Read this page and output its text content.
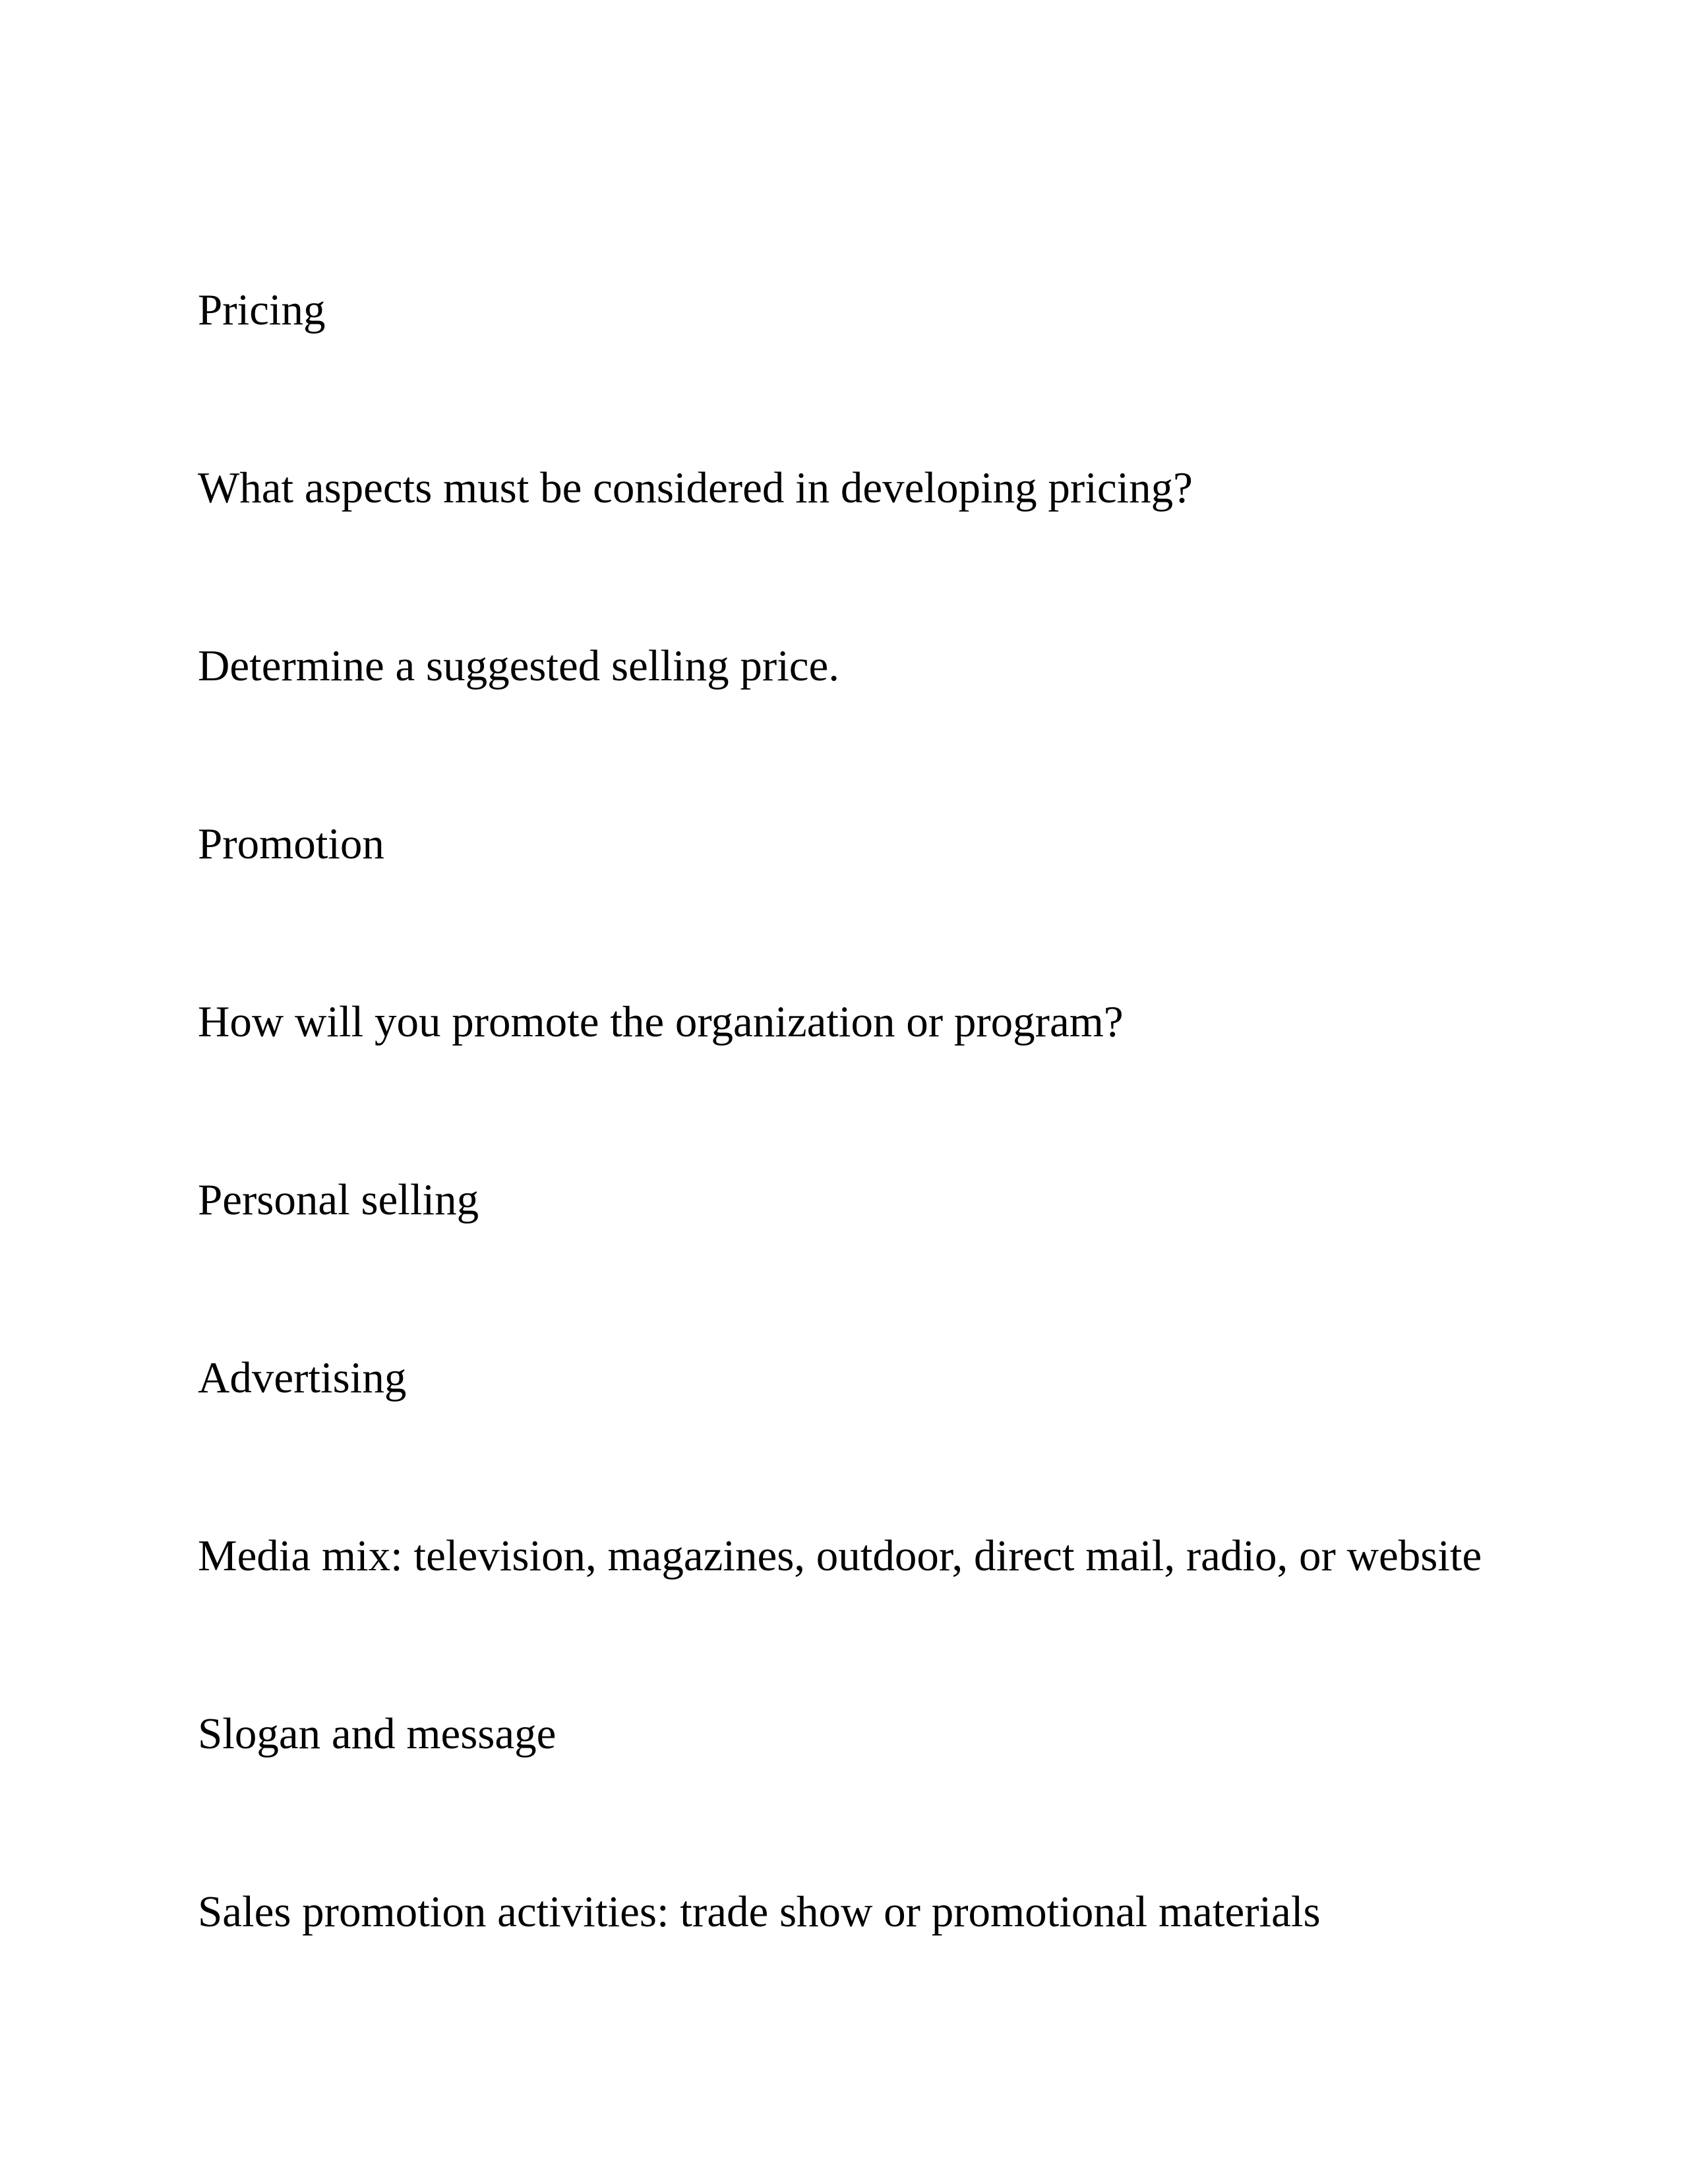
Pricing

What aspects must be considered in developing pricing?

Determine a suggested selling price.

Promotion

How will you promote the organization or program?

Personal selling

Advertising

Media mix: television, magazines, outdoor, direct mail, radio, or website

Slogan and message

Sales promotion activities: trade show or promotional materials
